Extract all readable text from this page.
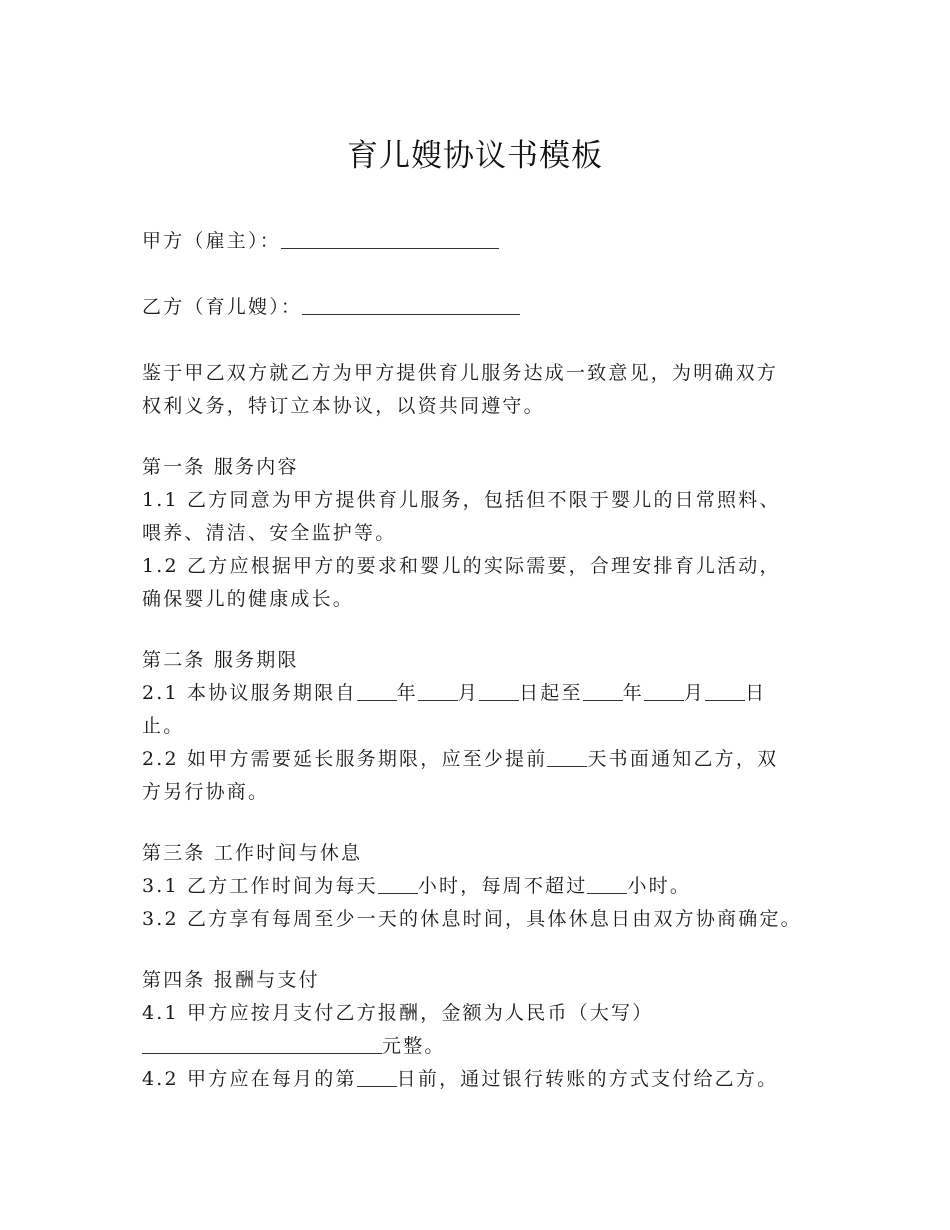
育儿嫂协议书模板

甲方（雇主）：

乙方（育儿嫂）：

鉴于甲乙双方就乙方为甲方提供育儿服务达成一致意见，为明确双方

权利义务，特订立本协议，以资共同遵守。

第一条 服务内容

1.1 乙方同意为甲方提供育儿服务，包括但不限于婴儿的日常照料、

喂养、清洁、安全监护等。

1.2 乙方应根据甲方的要求和婴儿的实际需要，合理安排育儿活动，

确保婴儿的健康成长。

第二条 服务期限

2.1 本协议服务期限自 年 月 日起至 年 月 日

止。

2.2 如甲方需要延长服务期限，应至少提前 天书面通知乙方，双

方另行协商。

第三条 工作时间与休息

3.1 乙方工作时间为每天 小时，每周不超过 小时。

3.2 乙方享有每周至少一天的休息时间，具体休息日由双方协商确定。

第四条 报酬与支付

4.1 甲方应按月支付乙方报酬，金额为人民币（大写）

元整。

4.2 甲方应在每月的第 日前，通过银行转账的方式支付给乙方。
